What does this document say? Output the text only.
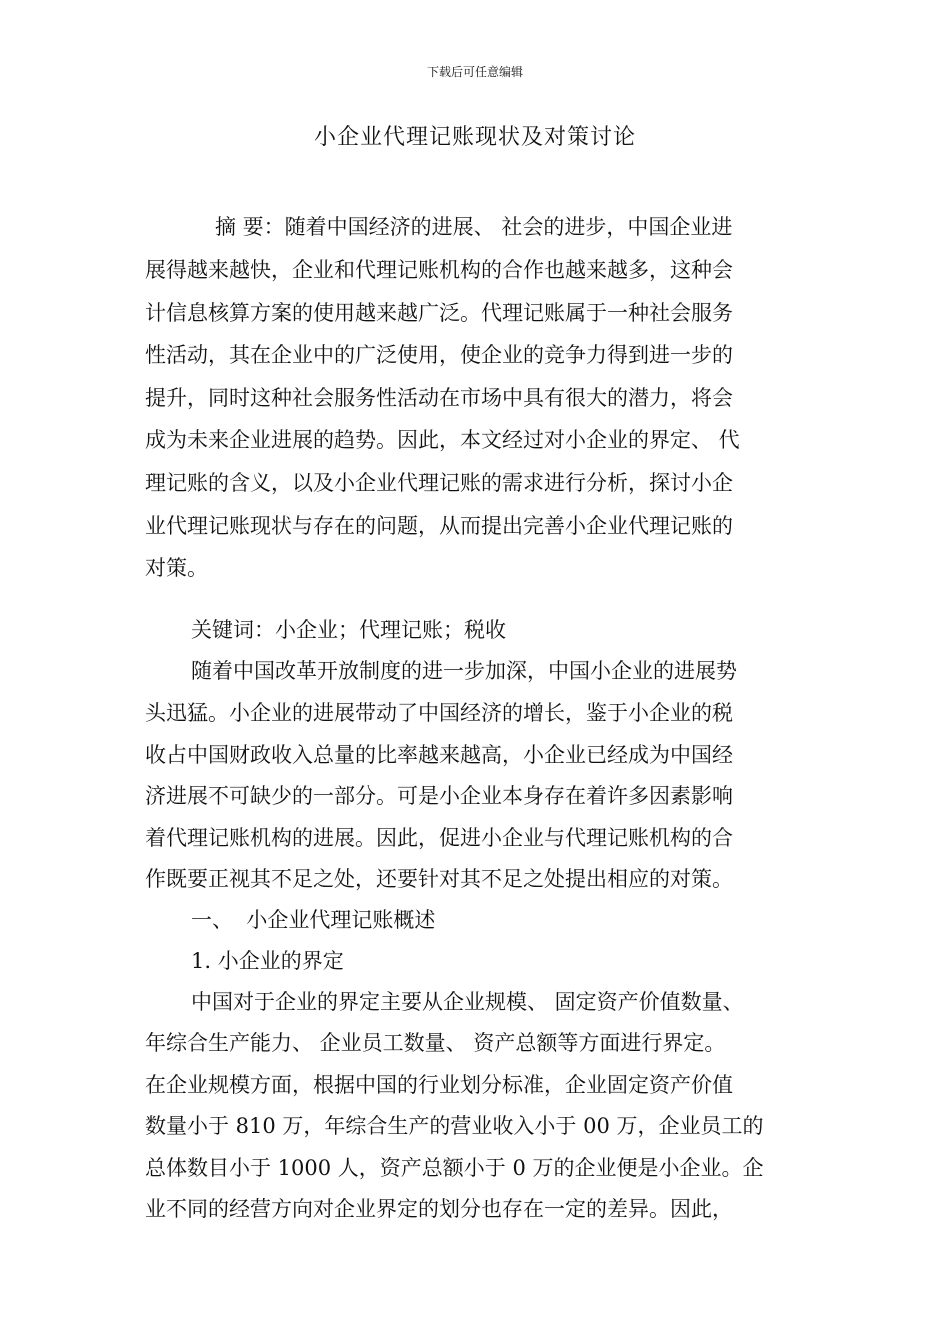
下载后可任意编辑
小企业代理记账现状及对策讨论
摘 要：随着中国经济的进展、 社会的进步，中国企业进
展得越来越快，企业和代理记账机构的合作也越来越多，这种会
计信息核算方案的使用越来越广泛。代理记账属于一种社会服务
性活动，其在企业中的广泛使用，使企业的竞争力得到进一步的
提升，同时这种社会服务性活动在市场中具有很大的潜力，将会
成为未来企业进展的趋势。因此，本文经过对小企业的界定、 代
理记账的含义，以及小企业代理记账的需求进行分析，探讨小企
业代理记账现状与存在的问题，从而提出完善小企业代理记账的
对策。
关键词：小企业；代理记账；税收
随着中国改革开放制度的进一步加深，中国小企业的进展势
头迅猛。小企业的进展带动了中国经济的增长，鉴于小企业的税
收占中国财政收入总量的比率越来越高，小企业已经成为中国经
济进展不可缺少的一部分。可是小企业本身存在着许多因素影响
着代理记账机构的进展。因此，促进小企业与代理记账机构的合
作既要正视其不足之处，还要针对其不足之处提出相应的对策。
一、  小企业代理记账概述
1. 小企业的界定
中国对于企业的界定主要从企业规模、 固定资产价值数量、
年综合生产能力、 企业员工数量、 资产总额等方面进行界定。
在企业规模方面，根据中国的行业划分标准，企业固定资产价值
数量小于 810 万，年综合生产的营业收入小于 00 万，企业员工的
总体数目小于 1000 人，资产总额小于 0 万的企业便是小企业。企
业不同的经营方向对企业界定的划分也存在一定的差异。因此，
